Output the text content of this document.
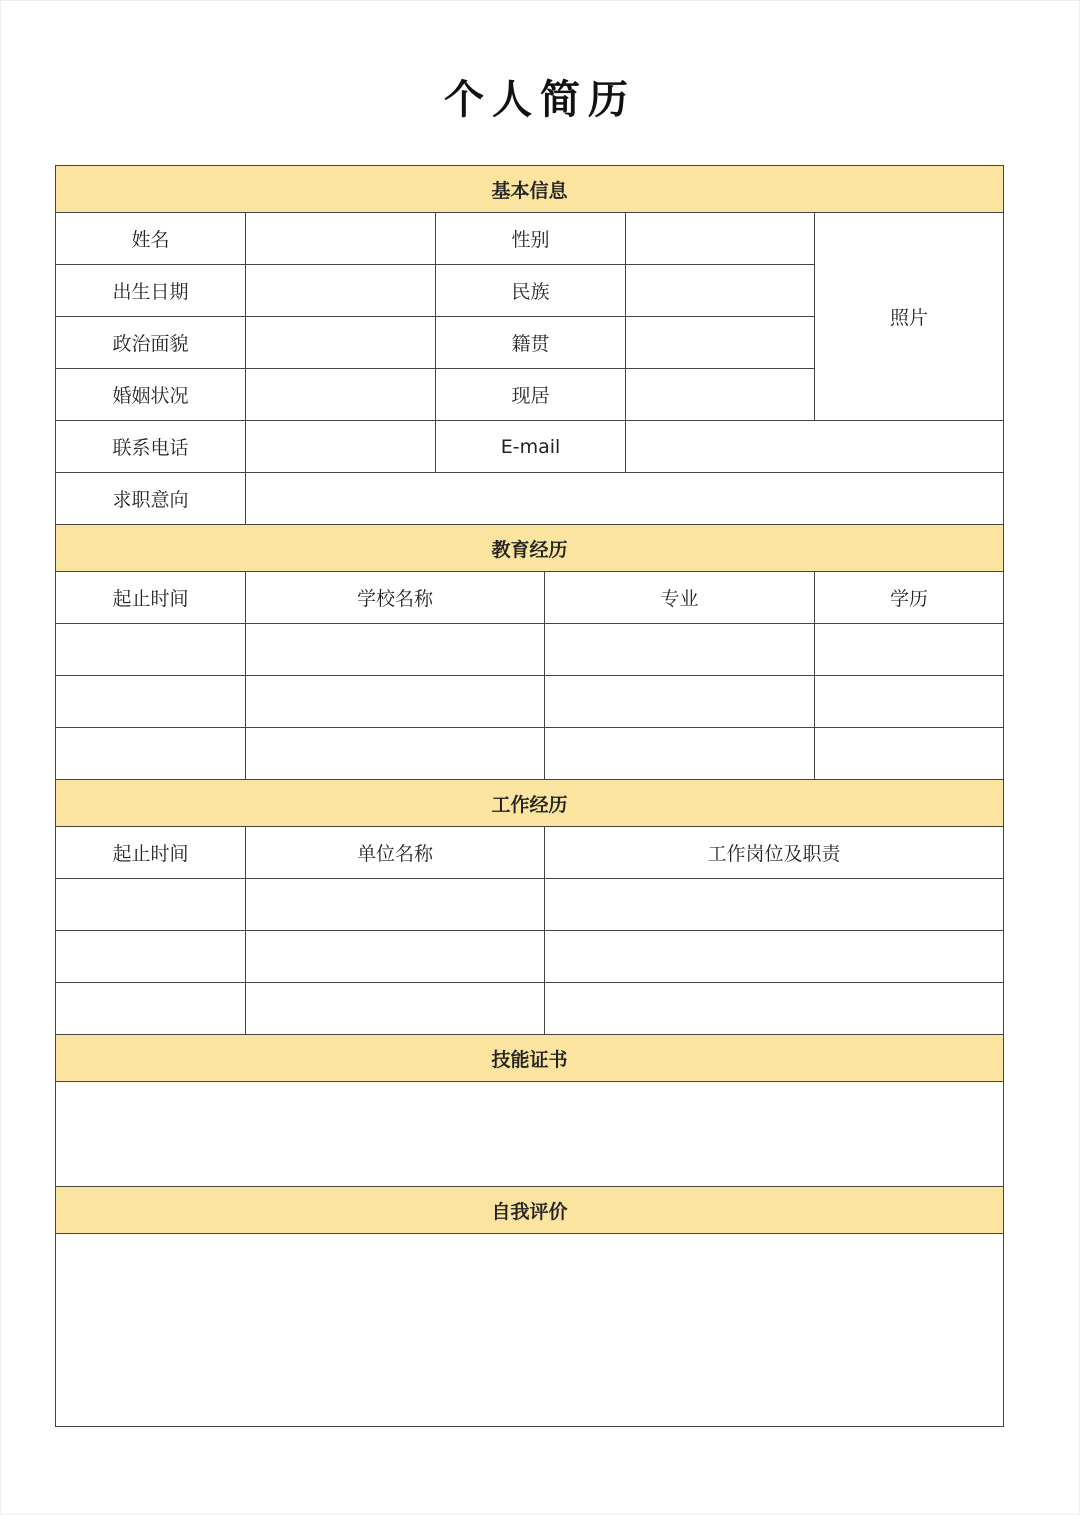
个人简历
基本信息					
姓名		性别			照片
出生日期		民族			
政治面貌		籍贯			
婚姻状况		现居			
联系电话		E-mail			
求职意向					
教育经历					
起止时间	学校名称		专业		学历

工作经历					
起止时间	单位名称		工作岗位及职责		

技能证书					

自我评价					
